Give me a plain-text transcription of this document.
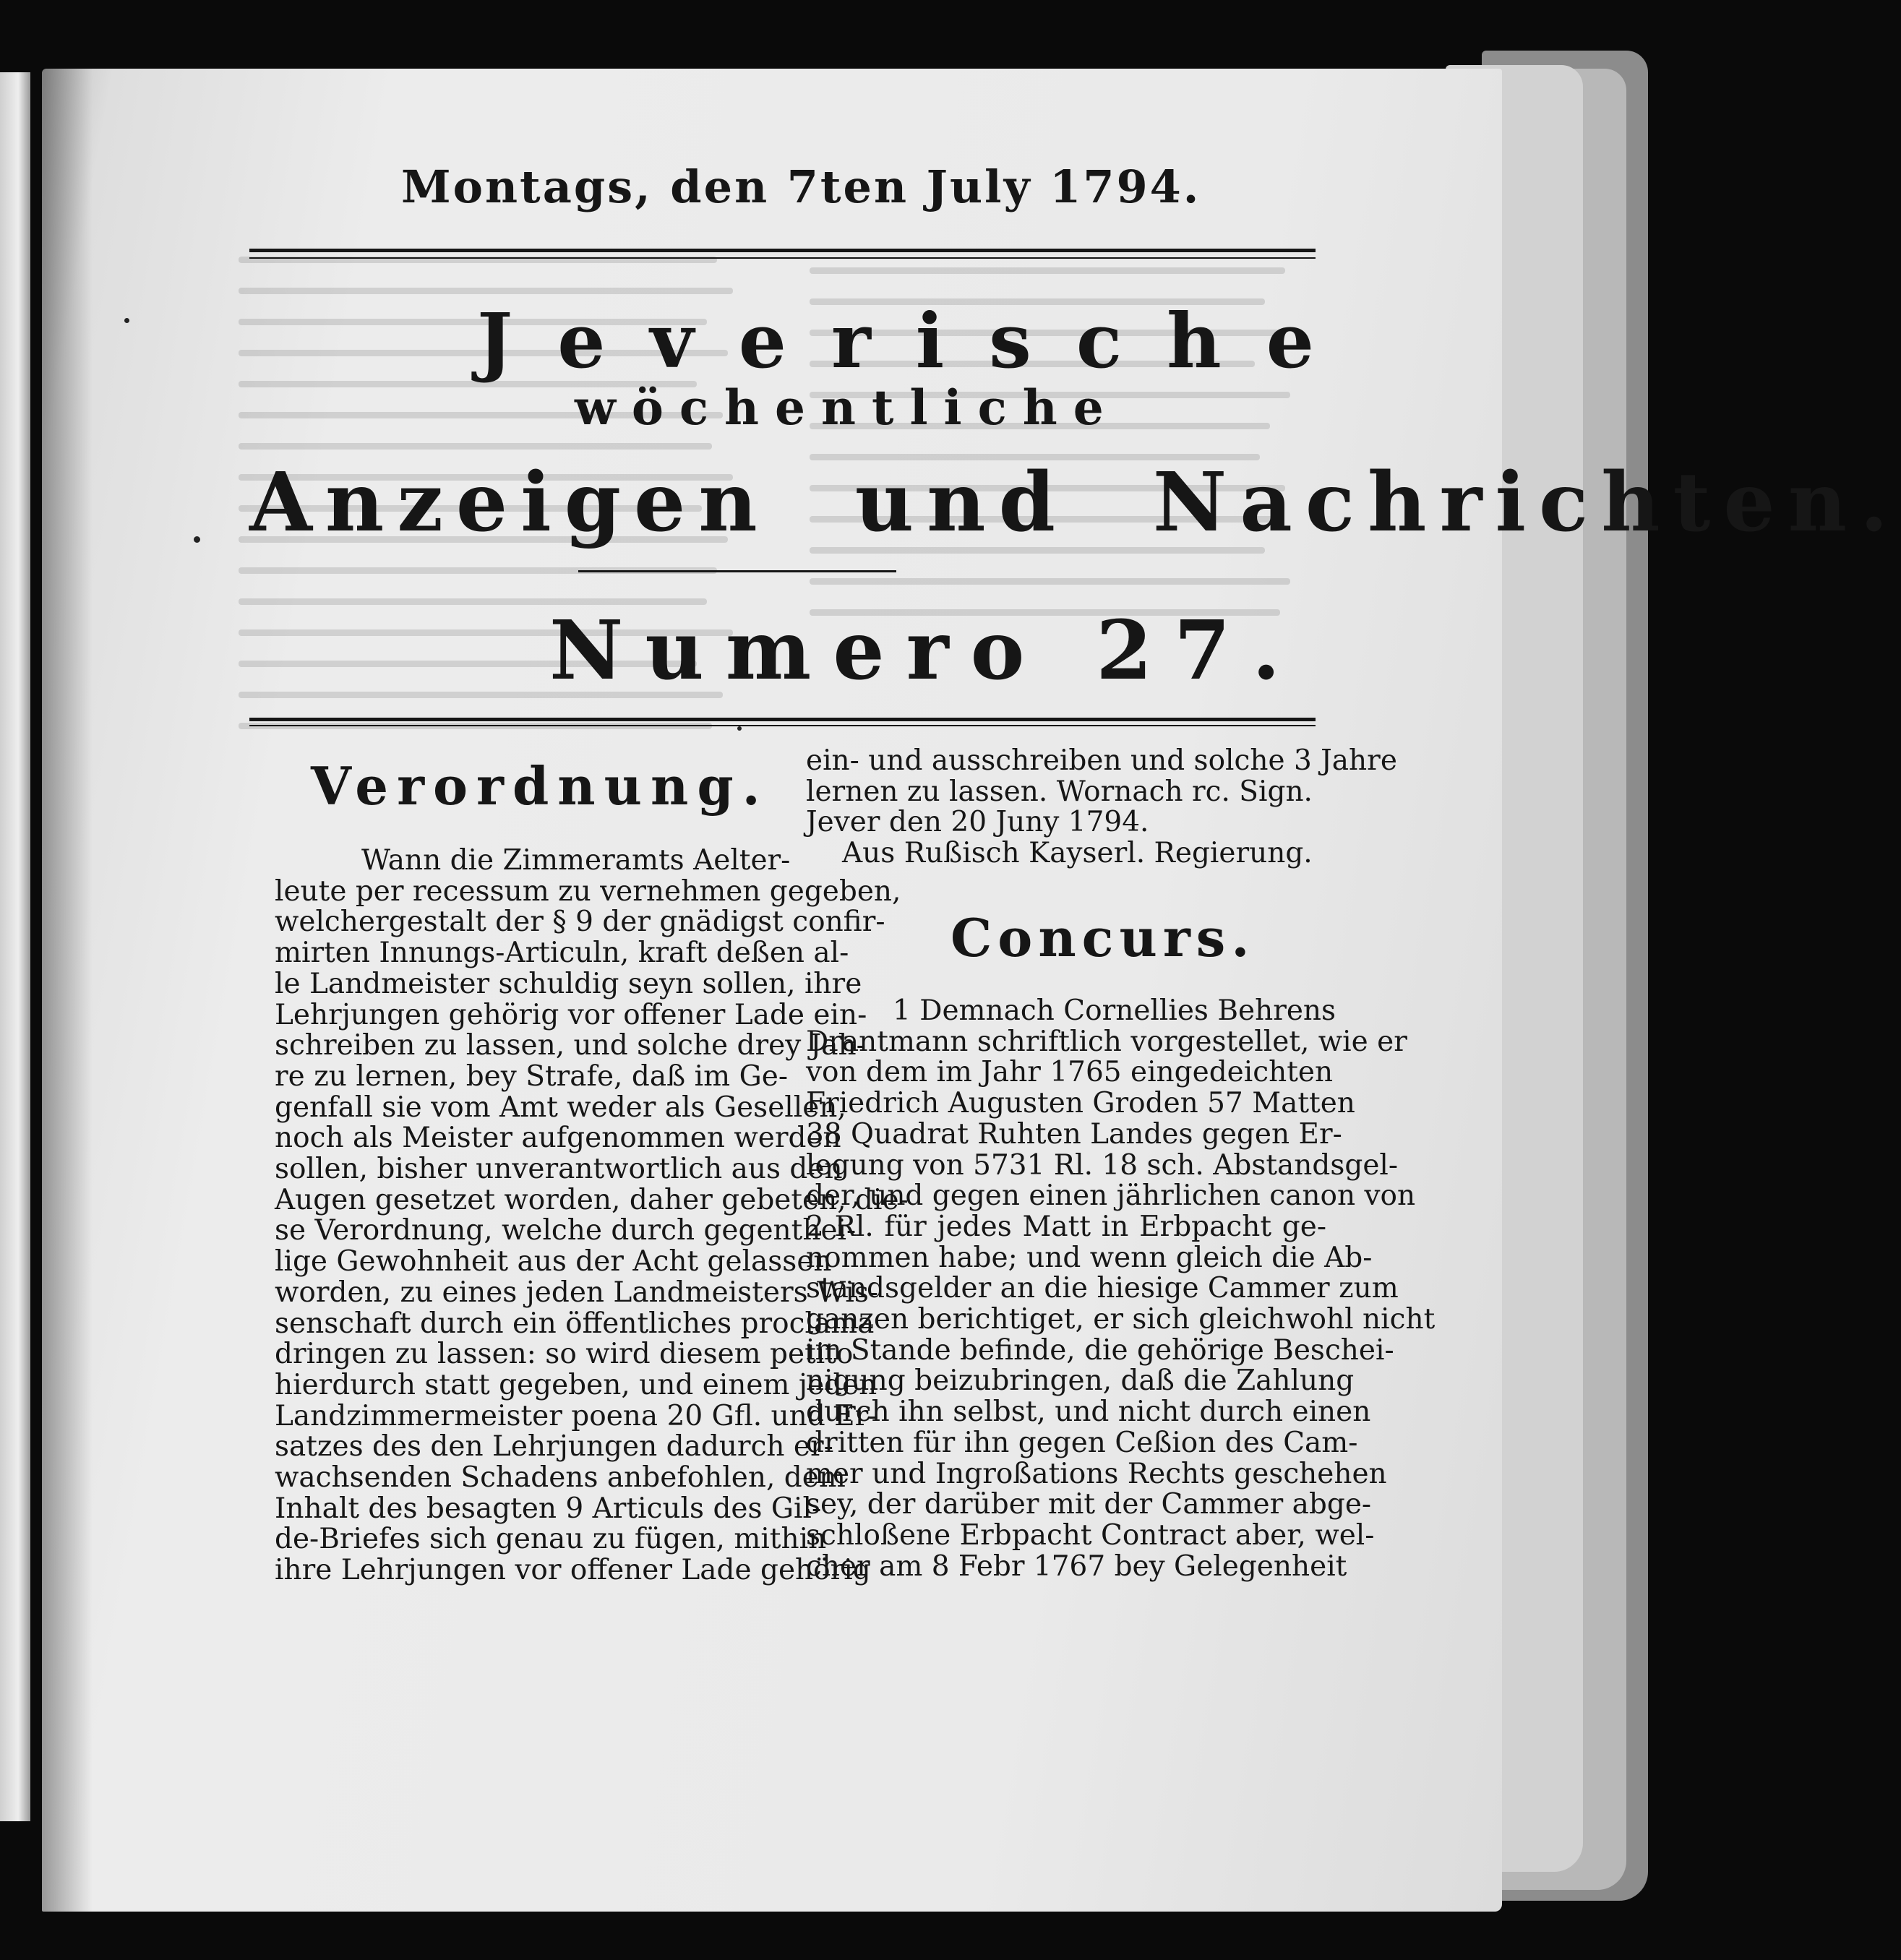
Montags, den 7ten July 1794.
Jeverische
wöchentliche
Anzeigen und Nachrichten.
Numero 27.
Verordnung.
Wann die Zimmeramts Aelter-
leute per recessum zu vernehmen gegeben,
welchergestalt der § 9 der gnädigst confir-
mirten Innungs-Articuln, kraft deßen al-
le Landmeister schuldig seyn sollen, ihre
Lehrjungen gehörig vor offener Lade ein-
schreiben zu lassen, und solche drey Jah-
re zu lernen, bey Strafe, daß im Ge-
genfall sie vom Amt weder als Gesellen,
noch als Meister aufgenommen werden
sollen, bisher unverantwortlich aus den
Augen gesetzet worden, daher gebeten, die-
se Verordnung, welche durch gegenthei-
lige Gewohnheit aus der Acht gelassen
worden, zu eines jeden Landmeisters Wis-
senschaft durch ein öffentliches proclama
dringen zu lassen: so wird diesem petito
hierdurch statt gegeben, und einem jeden
Landzimmermeister poena 20 Gfl. und Er-
satzes des den Lehrjungen dadurch er-
wachsenden Schadens anbefohlen, dem
Inhalt des besagten 9 Articuls des Gil-
de-Briefes sich genau zu fügen, mithin
ihre Lehrjungen vor offener Lade gehörig
ein- und ausschreiben und solche 3 Jahre
lernen zu lassen. Wornach rc. Sign.
Jever den 20 Juny 1794.
Aus Rußisch Kayserl. Regierung.
Concurs.
1 Demnach Cornellies Behrens
Drantmann schriftlich vorgestellet, wie er
von dem im Jahr 1765 eingedeichten
Friedrich Augusten Groden 57 Matten
38 Quadrat Ruhten Landes gegen Er-
legung von 5731 Rl. 18 sch. Abstandsgel-
der, und gegen einen jährlichen canon von
2 Rl. für jedes Matt in Erbpacht ge-
nommen habe; und wenn gleich die Ab-
standsgelder an die hiesige Cammer zum
ganzen berichtiget, er sich gleichwohl nicht
im Stande befinde, die gehörige Beschei-
nigung beizubringen, daß die Zahlung
durch ihn selbst, und nicht durch einen
dritten für ihn gegen Ceßion des Cam-
mer und Ingroßations Rechts geschehen
sey, der darüber mit der Cammer abge-
schloßene Erbpacht Contract aber, wel-
cher am 8 Febr 1767 bey Gelegenheit
